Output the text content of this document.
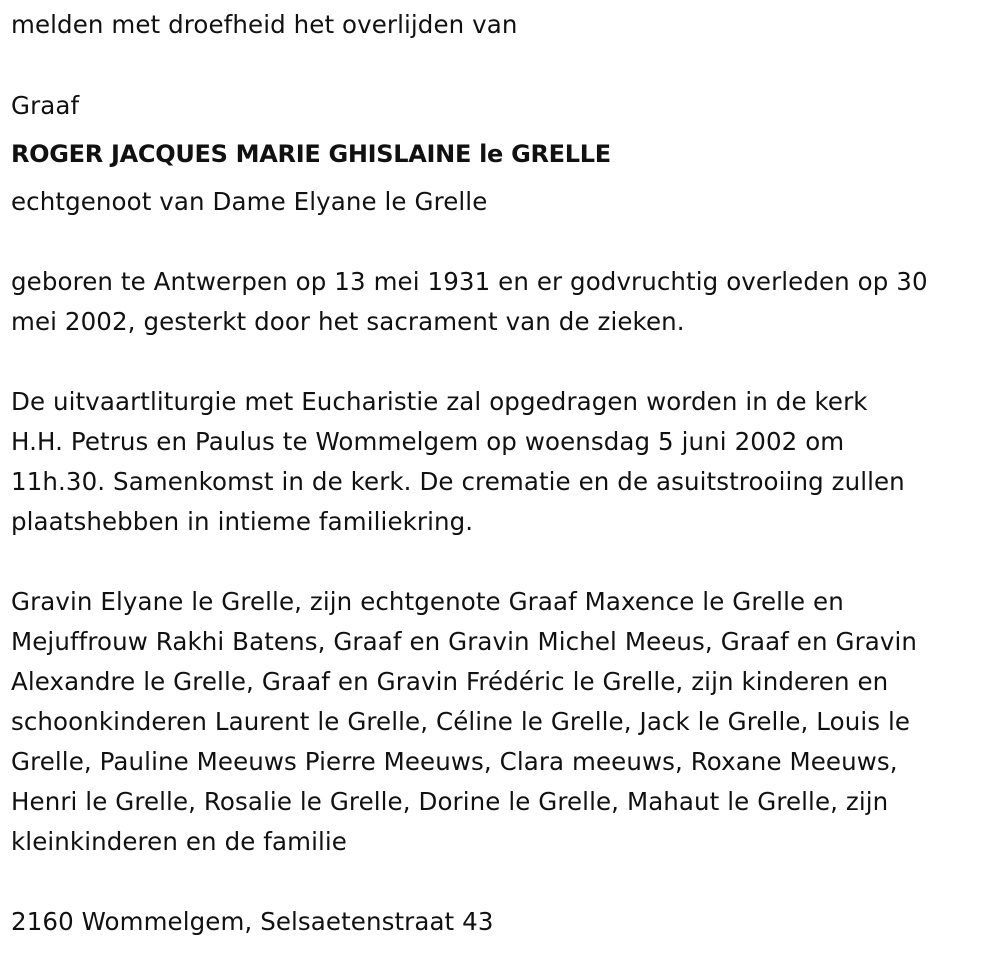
melden met droefheid het overlijden van
Graaf
ROGER JACQUES MARIE GHISLAINE le GRELLE
echtgenoot van Dame Elyane le Grelle
geboren te Antwerpen op 13 mei 1931 en er godvruchtig overleden op 30
mei 2002, gesterkt door het sacrament van de zieken.
De uitvaartliturgie met Eucharistie zal opgedragen worden in de kerk
H.H. Petrus en Paulus te Wommelgem op woensdag 5 juni 2002 om
11h.30. Samenkomst in de kerk. De crematie en de asuitstrooiing zullen
plaatshebben in intieme familiekring.
Gravin Elyane le Grelle, zijn echtgenote Graaf Maxence le Grelle en
Mejuffrouw Rakhi Batens, Graaf en Gravin Michel Meeus, Graaf en Gravin
Alexandre le Grelle, Graaf en Gravin Frédéric le Grelle, zijn kinderen en
schoonkinderen Laurent le Grelle, Céline le Grelle, Jack le Grelle, Louis le
Grelle, Pauline Meeuws Pierre Meeuws, Clara meeuws, Roxane Meeuws,
Henri le Grelle, Rosalie le Grelle, Dorine le Grelle, Mahaut le Grelle, zijn
kleinkinderen en de familie
2160 Wommelgem, Selsaetenstraat 43
